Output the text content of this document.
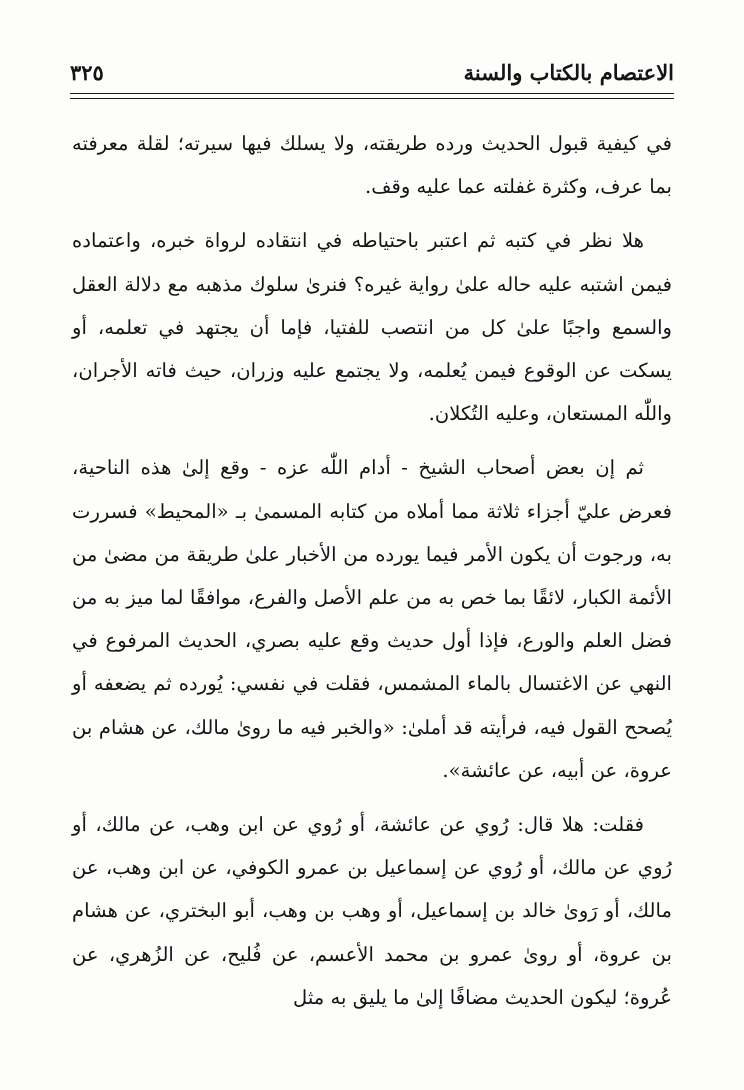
الاعتصام بالكتاب والسنة
٣٢٥

في كيفية قبول الحديث ورده طريقته، ولا يسلك فيها سيرته؛ لقلة معرفته بما عرف، وكثرة غفلته عما عليه وقف.

هلا نظر في كتبه ثم اعتبر باحتياطه في انتقاده لرواة خبره، واعتماده فيمن اشتبه عليه حاله علىٰ رواية غيره؟ فنرىٰ سلوك مذهبه مع دلالة العقل والسمع واجبًا علىٰ كل من انتصب للفتيا، فإما أن يجتهد في تعلمه، أو يسكت عن الوقوع فيمن يُعلمه، ولا يجتمع عليه وزران، حيث فاته الأجران، واللّٰه المستعان، وعليه التُكلان.

ثم إن بعض أصحاب الشيخ - أدام اللّٰه عزه - وقع إلىٰ هذه الناحية، فعرض عليّ أجزاء ثلاثة مما أملاه من كتابه المسمىٰ بـ «المحيط» فسررت به، ورجوت أن يكون الأمر فيما يورده من الأخبار علىٰ طريقة من مضىٰ من الأئمة الكبار، لائقًا بما خص به من علم الأصل والفرع، موافقًا لما ميز به من فضل العلم والورع، فإذا أول حديث وقع عليه بصري، الحديث المرفوع في النهي عن الاغتسال بالماء المشمس، فقلت في نفسي: يُورده ثم يضعفه أو يُصحح القول فيه، فرأيته قد أملىٰ: «والخبر فيه ما روىٰ مالك، عن هشام بن عروة، عن أبيه، عن عائشة».

فقلت: هلا قال: رُوي عن عائشة، أو رُوي عن ابن وهب، عن مالك، أو رُوي عن مالك، أو رُوي عن إسماعيل بن عمرو الكوفي، عن ابن وهب، عن مالك، أو رَوىٰ خالد بن إسماعيل، أو وهب بن وهب، أبو البختري، عن هشام بن عروة، أو روىٰ عمرو بن محمد الأعسم، عن فُليح، عن الزُهري، عن عُروة؛ ليكون الحديث مضافًا إلىٰ ما يليق به مثل
